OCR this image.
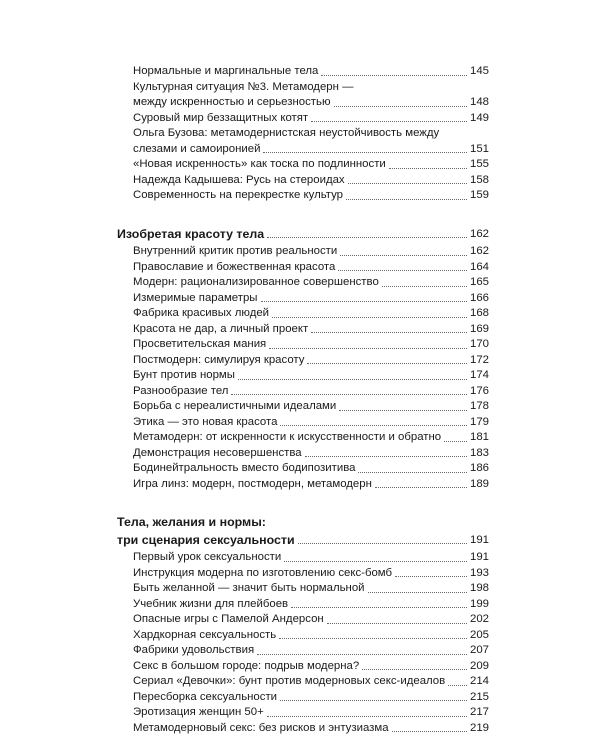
Нормальные и маргинальные тела	145
Культурная ситуация №3. Метамодерн —
между искренностью и серьезностью	148
Суровый мир беззащитных котят	149
Ольга Бузова: метамодернистская неустойчивость между
слезами и самоиронией	151
«Новая искренность» как тоска по подлинности	155
Надежда Кадышева: Русь на стероидах	158
Современность на перекрестке культур	159
Изобретая красоту тела	162
Внутренний критик против реальности	162
Православие и божественная красота	164
Модерн: рационализированное совершенство	165
Измеримые параметры	166
Фабрика красивых людей	168
Красота не дар, а личный проект	169
Просветительская мания	170
Постмодерн: симулируя красоту	172
Бунт против нормы	174
Разнообразие тел	176
Борьба с нереалистичными идеалами	178
Этика — это новая красота	179
Метамодерн: от искренности к искусственности и обратно	181
Демонстрация несовершенства	183
Бодинейтральность вместо бодипозитива	186
Игра линз: модерн, постмодерн, метамодерн	189
Тела, желания и нормы:
три сценария сексуальности	191
Первый урок сексуальности	191
Инструкция модерна по изготовлению секс-бомб	193
Быть желанной — значит быть нормальной	198
Учебник жизни для плейбоев	199
Опасные игры с Памелой Андерсон	202
Хардкорная сексуальность	205
Фабрики удовольствия	207
Секс в большом городе: подрыв модерна?	209
Сериал «Девочки»: бунт против модерновых секс-идеалов 214
Пересборка сексуальности	215
Эротизация женщин 50+	217
Метамодерновый секс: без рисков и энтузиазма	219
